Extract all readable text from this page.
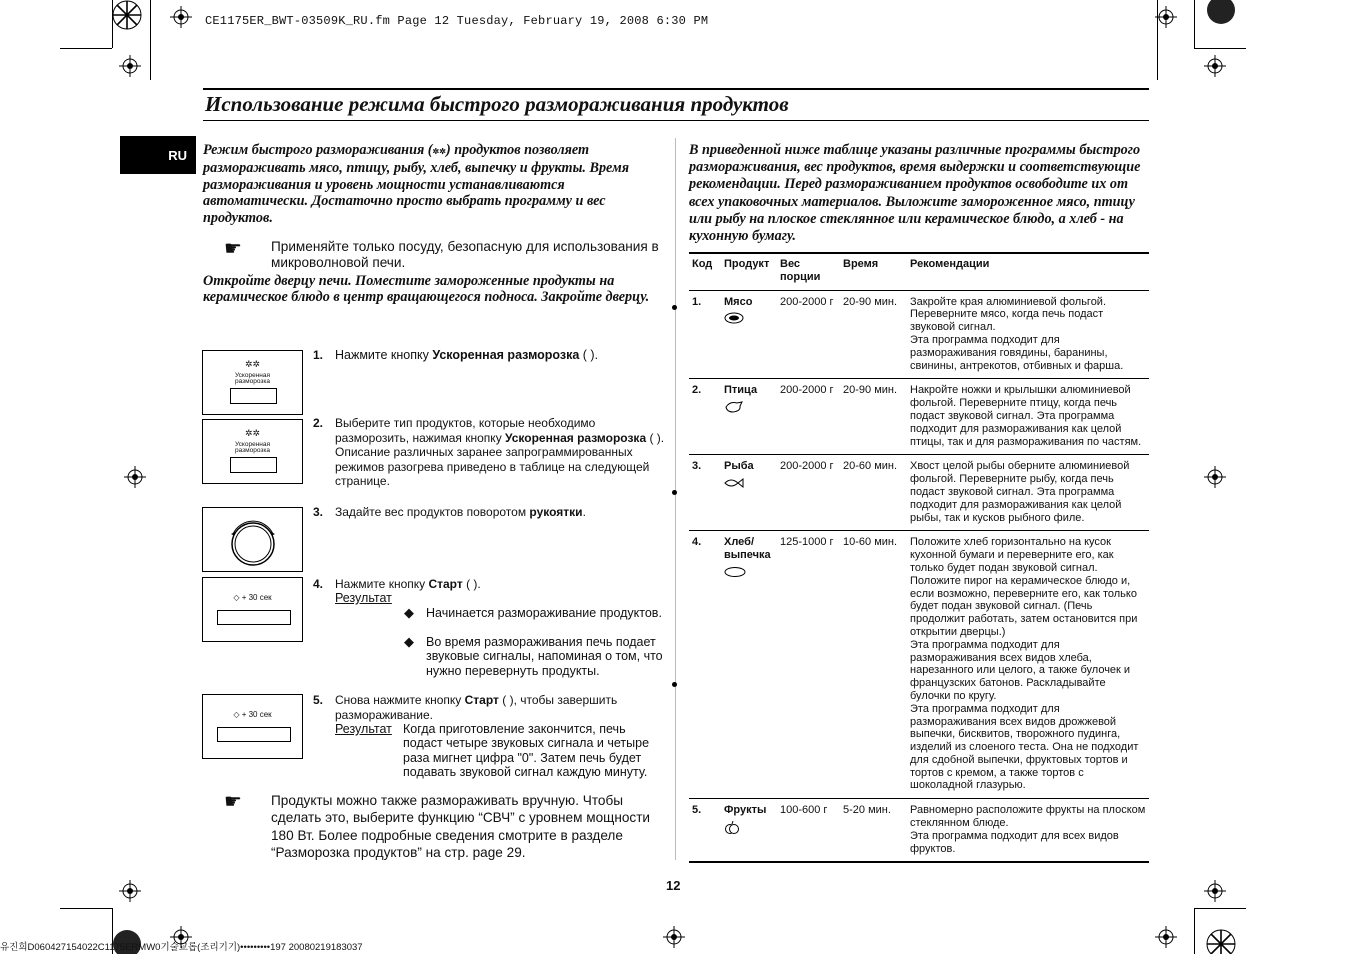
CE1175ER_BWT-03509K_RU.fm Page 12 Tuesday, February 19, 2008 6:30 PM
Использование режима быстрого размораживания продуктов
RU	Режим быстрого размораживания (✲✲) продуктов позволяет размораживать мясо, птицу, рыбу, хлеб, выпечку и фрукты. Время размораживания и уровень мощности устанавливаются автоматически. Достаточно просто выбрать программу и вес продуктов.
☛ Применяйте только посуду, безопасную для использования в микроволновой печи.
Откройте дверцу печи. Поместите замороженные продукты на керамическое блюдо в центр вращающегося подноса. Закройте дверцу.
✲✲
Ускоренная
разморозка
1. Нажмите кнопку Ускоренная разморозка ( ).
✲✲
Ускоренная
разморозка
2. Выберите тип продуктов, которые необходимо разморозить, нажимая кнопку Ускоренная разморозка ( ).
Описание различных заранее запрограммированных режимов разогрева приведено в таблице на следующей странице.
3. Задайте вес продуктов поворотом рукоятки.
◇ + 30 сек
4. Нажмите кнопку Старт ( ).
Результат
◆ Начинается размораживание продуктов.
◆ Во время размораживания печь подает звуковые сигналы, напоминая о том, что нужно перевернуть продукты.
◇ + 30 сек
5. Снова нажмите кнопку Старт ( ), чтобы завершить размораживание.
Результат Когда приготовление закончится, печь подаст четыре звуковых сигнала и четыре раза мигнет цифра "0". Затем печь будет подавать звуковой сигнал каждую минуту.
☛ Продукты можно также размораживать вручную. Чтобы сделать это, выберите функцию “СВЧ” с уровнем мощности 180 Вт. Более подробные сведения смотрите в разделе “Разморозка продуктов” на стр. page 29.
В приведенной ниже таблице указаны различные программы быстрого размораживания, вес продуктов, время выдержки и соответствующие рекомендации. Перед размораживанием продуктов освободите их от всех упаковочных материалов. Выложите замороженное мясо, птицу или рыбу на плоское стеклянное или керамическое блюдо, а хлеб - на кухонную бумагу.
Код	Продукт	Вес порции	Время	Рекомендации
1.	Мясо	200-2000 г	20-90 мин.	Закройте края алюминиевой фольгой. Переверните мясо, когда печь подаст звуковой сигнал.
Эта программа подходит для размораживания говядины, баранины, свинины, антрекотов, отбивных и фарша.
2.	Птица	200-2000 г	20-90 мин.	Накройте ножки и крылышки алюминиевой фольгой. Переверните птицу, когда печь подаст звуковой сигнал. Эта программа подходит для размораживания как целой птицы, так и для размораживания по частям.
3.	Рыба	200-2000 г	20-60 мин.	Хвост целой рыбы оберните алюминиевой фольгой. Переверните рыбу, когда печь подаст звуковой сигнал. Эта программа подходит для размораживания как целой рыбы, так и кусков рыбного филе.
4.	Хлеб/ выпечка	125-1000 г	10-60 мин.	Положите хлеб горизонтально на кусок кухонной бумаги и переверните его, как только будет подан звуковой сигнал. Положите пирог на керамическое блюдо и, если возможно, переверните его, как только будет подан звуковой сигнал. (Печь продолжит работать, затем остановится при открытии дверцы.)
Эта программа подходит для размораживания всех видов хлеба, нарезанного или целого, а также булочек и французских батонов. Раскладывайте булочки по кругу.
Эта программа подходит для размораживания всех видов дрожжевой выпечки, бисквитов, творожного пудинга, изделий из слоеного теста. Она не подходит для сдобной выпечки, фруктовых тортов и тортов с кремом, а также тортов с шоколадной глазурью.
5.	Фрукты	100-600 г	5-20 мин.	Равномерно расположите фрукты на плоском стеклянном блюде.
Эта программа подходит для всех видов фруктов.
12
유진희D060427154022C1175ERMW0기술교롭(조리기기)•••••••••197 20080219183037
